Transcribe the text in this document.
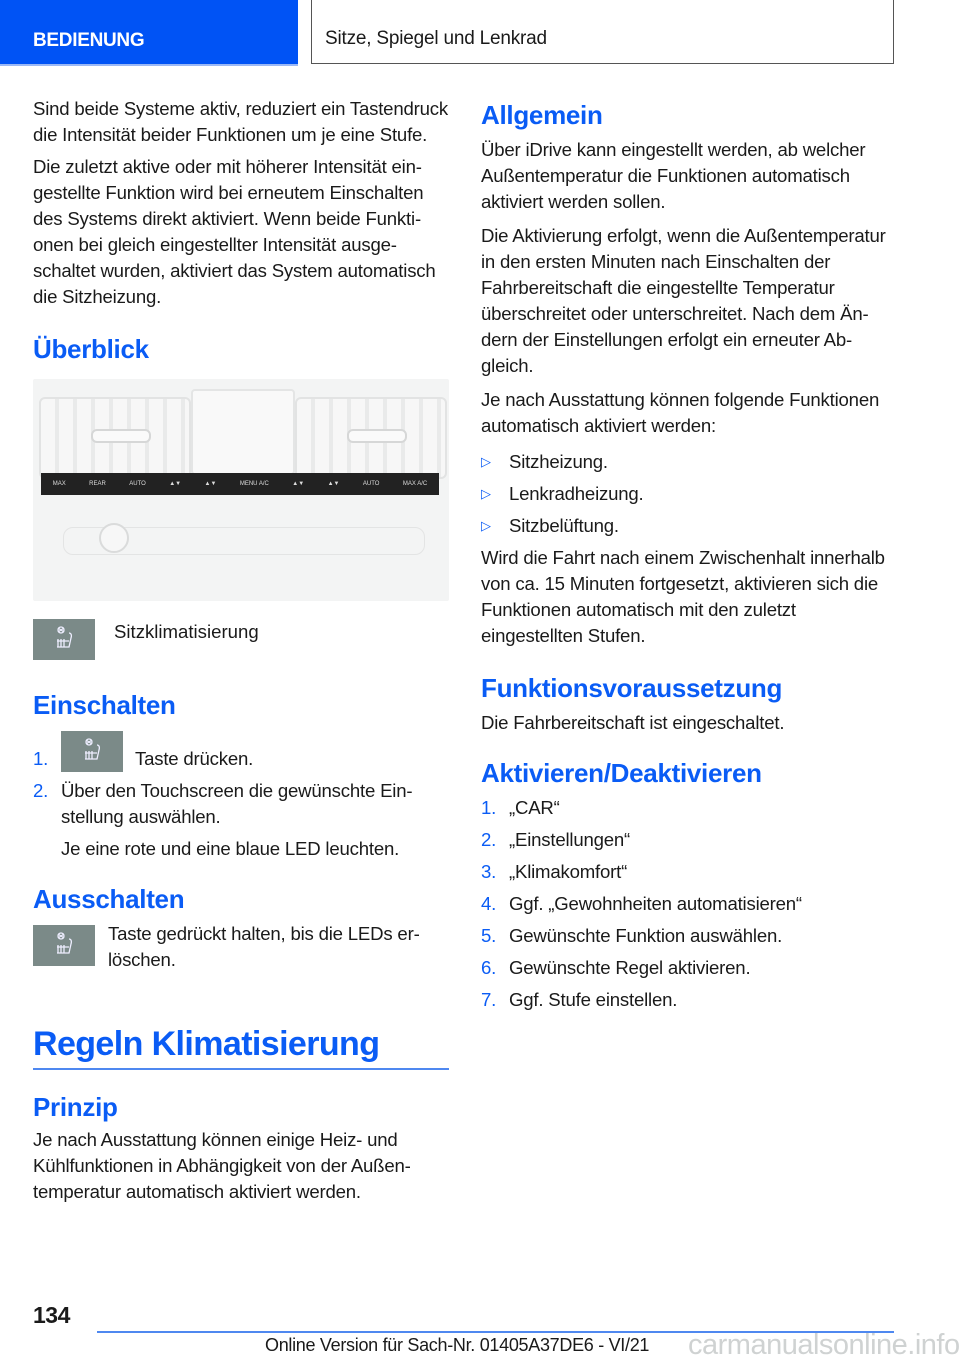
BEDIENUNG	Sitze, Spiegel und Lenkrad

Sind beide Systeme aktiv, reduziert ein Tastendruck die Intensität beider Funktionen um je eine Stufe.

Die zuletzt aktive oder mit höherer Intensität eingestellte Funktion wird bei erneutem Einschalten des Systems direkt aktiviert. Wenn beide Funktionen bei gleich eingestellter Intensität ausgeschaltet wurden, aktiviert das System automatisch die Sitzheizung.

Überblick
MAX	REAR	AUTO	▲▼	▲▼	MENU A/C	▲▼	▲▼	AUTO	MAX A/C
Sitzklimatisierung
Einschalten
1.	Taste drücken.
2. Über den Touchscreen die gewünschte Einstellung auswählen.
Je eine rote und eine blaue LED leuchten.
Ausschalten
Taste gedrückt halten, bis die LEDs erlöschen.
Regeln Klimatisierung
Prinzip

Je nach Ausstattung können einige Heiz- und Kühlfunktionen in Abhängigkeit von der Außentemperatur automatisch aktiviert werden.

Allgemein

Über iDrive kann eingestellt werden, ab welcher Außentemperatur die Funktionen automatisch aktiviert werden sollen.

Die Aktivierung erfolgt, wenn die Außentemperatur in den ersten Minuten nach Einschalten der Fahrbereitschaft die eingestellte Temperatur überschreitet oder unterschreitet. Nach dem Ändern der Einstellungen erfolgt ein erneuter Abgleich.

Je nach Ausstattung können folgende Funktionen automatisch aktiviert werden:

▷ Sitzheizung.
▷ Lenkradheizung.
▷ Sitzbelüftung.

Wird die Fahrt nach einem Zwischenhalt innerhalb von ca. 15 Minuten fortgesetzt, aktivieren sich die Funktionen automatisch mit den zuletzt eingestellten Stufen.

Funktionsvoraussetzung

Die Fahrbereitschaft ist eingeschaltet.

Aktivieren/Deaktivieren
1. „CAR“
2. „Einstellungen“
3. „Klimakomfort“
4. Ggf. „Gewohnheiten automatisieren“
5. Gewünschte Funktion auswählen.
6. Gewünschte Regel aktivieren.
7. Ggf. Stufe einstellen.
134
Online Version für Sach-Nr. 01405A37DE6 - VI/21 carmanualsonline.info
